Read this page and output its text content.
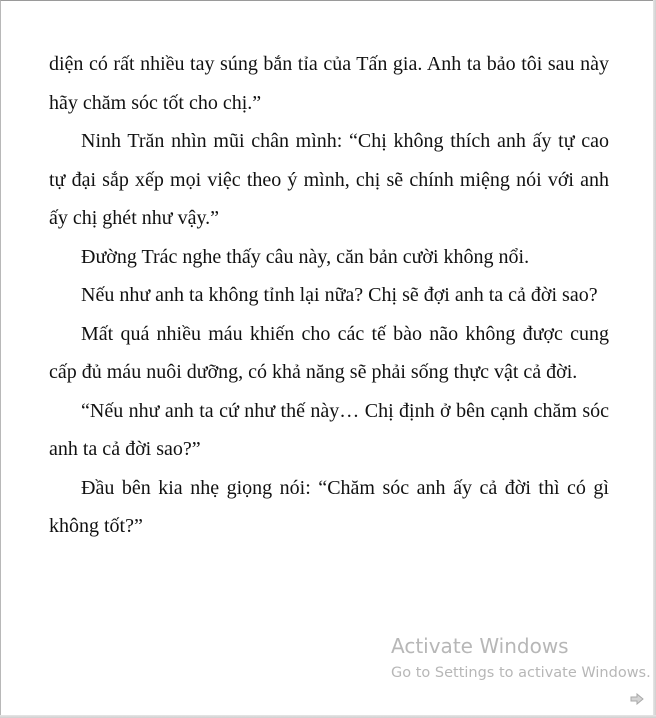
diện có rất nhiều tay súng bắn tỉa của Tấn gia. Anh ta bảo tôi sau này hãy chăm sóc tốt cho chị.”

Ninh Trăn nhìn mũi chân mình: “Chị không thích anh ấy tự cao tự đại sắp xếp mọi việc theo ý mình, chị sẽ chính miệng nói với anh ấy chị ghét như vậy.”

Đường Trác nghe thấy câu này, căn bản cười không nổi.

Nếu như anh ta không tỉnh lại nữa? Chị sẽ đợi anh ta cả đời sao?

Mất quá nhiều máu khiến cho các tế bào não không được cung cấp đủ máu nuôi dưỡng, có khả năng sẽ phải sống thực vật cả đời.

“Nếu như anh ta cứ như thế này… Chị định ở bên cạnh chăm sóc anh ta cả đời sao?”

Đầu bên kia nhẹ giọng nói: “Chăm sóc anh ấy cả đời thì có gì không tốt?”

Activate Windows
Go to Settings to activate Windows.
